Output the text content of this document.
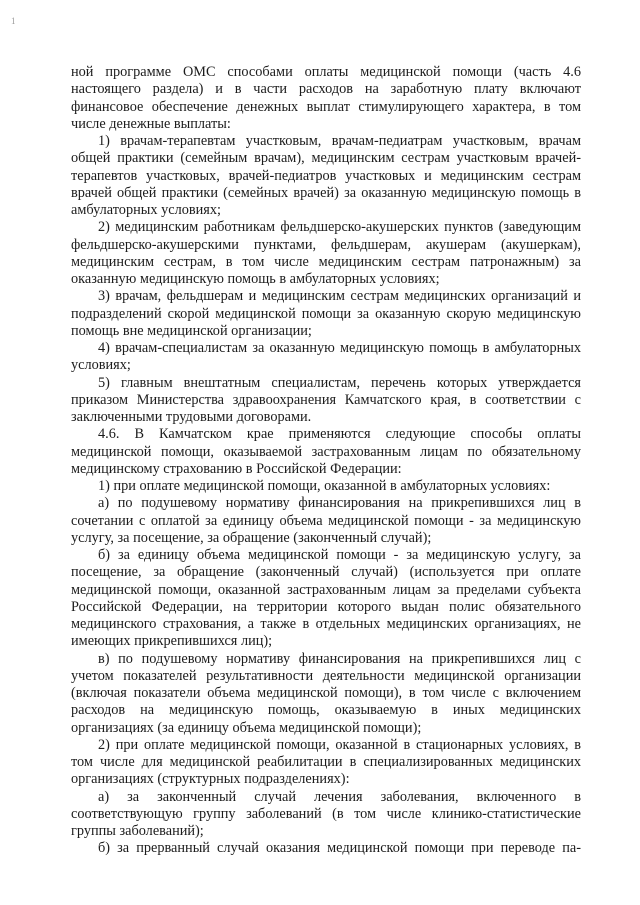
1

ной программе ОМС способами оплаты медицинской помощи (часть 4.6 настоящего раздела) и в части расходов на заработную плату включают финансовое обеспечение денежных выплат стимулирующего характера, в том числе денежные выплаты:

1) врачам-терапевтам участковым, врачам-педиатрам участковым, врачам общей практики (семейным врачам), медицинским сестрам участковым врачей-терапевтов участковых, врачей-педиатров участковых и медицинским сестрам врачей общей практики (семейных врачей) за оказанную медицинскую помощь в амбулаторных условиях;

2) медицинским работникам фельдшерско-акушерских пунктов (заведующим фельдшерско-акушерскими пунктами, фельдшерам, акушерам (акушеркам), медицинским сестрам, в том числе медицинским сестрам патронажным) за оказанную медицинскую помощь в амбулаторных условиях;

3) врачам, фельдшерам и медицинским сестрам медицинских организаций и подразделений скорой медицинской помощи за оказанную скорую медицинскую помощь вне медицинской организации;

4) врачам-специалистам за оказанную медицинскую помощь в амбулаторных условиях;

5) главным внештатным специалистам, перечень которых утверждается приказом Министерства здравоохранения Камчатского края, в соответствии с заключенными трудовыми договорами.

4.6. В Камчатском крае применяются следующие способы оплаты медицинской помощи, оказываемой застрахованным лицам по обязательному медицинскому страхованию в Российской Федерации:

1) при оплате медицинской помощи, оказанной в амбулаторных условиях:

а) по подушевому нормативу финансирования на прикрепившихся лиц в сочетании с оплатой за единицу объема медицинской помощи - за медицинскую услугу, за посещение, за обращение (законченный случай);

б) за единицу объема медицинской помощи - за медицинскую услугу, за посещение, за обращение (законченный случай) (используется при оплате медицинской помощи, оказанной застрахованным лицам за пределами субъекта Российской Федерации, на территории которого выдан полис обязательного медицинского страхования, а также в отдельных медицинских организациях, не имеющих прикрепившихся лиц);

в) по подушевому нормативу финансирования на прикрепившихся лиц с учетом показателей результативности деятельности медицинской организации (включая показатели объема медицинской помощи), в том числе с включением расходов на медицинскую помощь, оказываемую в иных медицинских организациях (за единицу объема медицинской помощи);

2) при оплате медицинской помощи, оказанной в стационарных условиях, в том числе для медицинской реабилитации в специализированных медицинских организациях (структурных подразделениях):

а) за законченный случай лечения заболевания, включенного в соответствующую группу заболеваний (в том числе клинико-статистические группы заболеваний);

б) за прерванный случай оказания медицинской помощи при переводе па-
